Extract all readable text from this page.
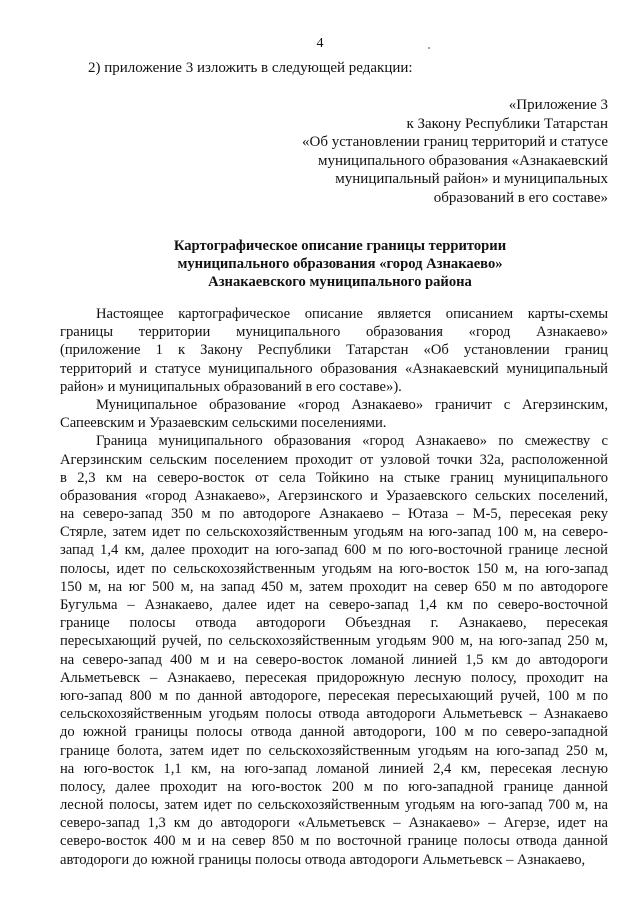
4
2) приложение 3 изложить в следующей редакции:
«Приложение 3
к Закону Республики Татарстан
«Об установлении границ территорий и статусе
муниципального образования «Азнакаевский
муниципальный район» и муниципальных
образований в его составе»
Картографическое описание границы территории
муниципального образования «город Азнакаево»
Азнакаевского муниципального района
Настоящее картографическое описание является описанием карты-схемы
границы территории муниципального образования «город Азнакаево»
(приложение 1 к Закону Республики Татарстан «Об установлении границ
территорий и статусе муниципального образования «Азнакаевский муниципальный
район» и муниципальных образований в его составе»).
Муниципальное образование «город Азнакаево» граничит с Агерзинским,
Сапеевским и Уразаевским сельскими поселениями.
Граница муниципального образования «город Азнакаево» по смежеству с
Агерзинским сельским поселением проходит от узловой точки 32а, расположенной
в 2,3 км на северо-восток от села Тойкино на стыке границ муниципального
образования «город Азнакаево», Агерзинского и Уразаевского сельских поселений,
на северо-запад 350 м по автодороге Азнакаево – Ютаза – М-5, пересекая реку
Стярле, затем идет по сельскохозяйственным угодьям на юго-запад 100 м, на северо-
запад 1,4 км, далее проходит на юго-запад 600 м по юго-восточной границе лесной
полосы, идет по сельскохозяйственным угодьям на юго-восток 150 м, на юго-запад
150 м, на юг 500 м, на запад 450 м, затем проходит на север 650 м по автодороге
Бугульма – Азнакаево, далее идет на северо-запад 1,4 км по северо-восточной
границе полосы отвода автодороги Объездная г. Азнакаево, пересекая
пересыхающий ручей, по сельскохозяйственным угодьям 900 м, на юго-запад 250 м,
на северо-запад 400 м и на северо-восток ломаной линией 1,5 км до автодороги
Альметьевск – Азнакаево, пересекая придорожную лесную полосу, проходит на
юго-запад 800 м по данной автодороге, пересекая пересыхающий ручей, 100 м по
сельскохозяйственным угодьям полосы отвода автодороги Альметьевск – Азнакаево
до южной границы полосы отвода данной автодороги, 100 м по северо-западной
границе болота, затем идет по сельскохозяйственным угодьям на юго-запад 250 м,
на юго-восток 1,1 км, на юго-запад ломаной линией 2,4 км, пересекая лесную
полосу, далее проходит на юго-восток 200 м по юго-западной границе данной
лесной полосы, затем идет по сельскохозяйственным угодьям на юго-запад 700 м, на
северо-запад 1,3 км до автодороги «Альметьевск – Азнакаево» – Агерзе, идет на
северо-восток 400 м и на север 850 м по восточной границе полосы отвода данной
автодороги до южной границы полосы отвода автодороги Альметьевск – Азнакаево,
